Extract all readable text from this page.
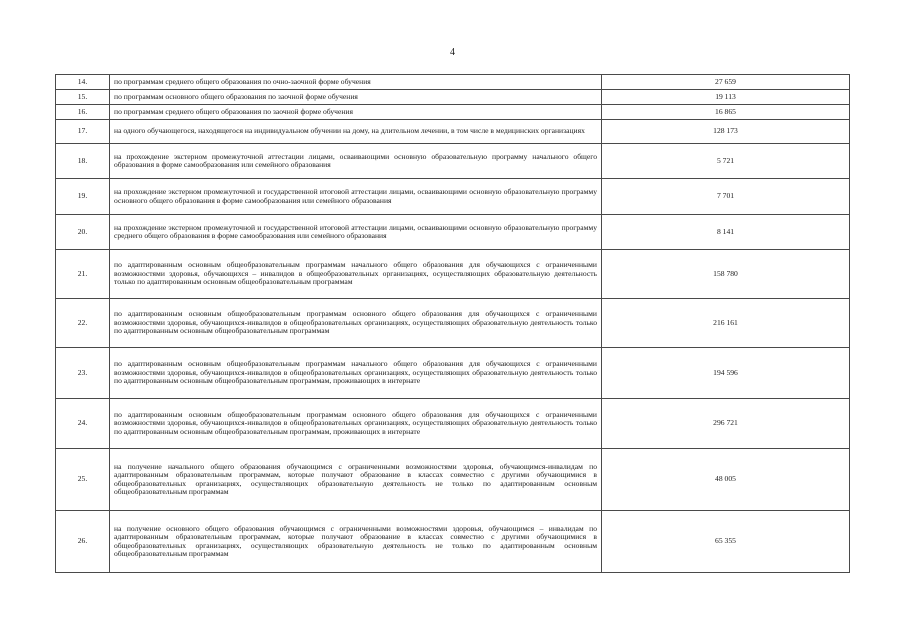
4
14.	по программам среднего общего образования по очно-заочной форме обучения	27 659
15.	по программам основного общего образования по заочной форме обучения	19 113
16.	по программам среднего общего образования по заочной форме обучения	16 865
17.	на одного обучающегося, находящегося на индивидуальном обучении на дому, на длительном лечении, в том числе в медицинских организациях	128 173
18.	на прохождение экстерном промежуточной аттестации лицами, осваивающими основную образовательную программу начального общего образования в форме самообразования или семейного образования	5 721
19.	на прохождение экстерном промежуточной и государственной итоговой аттестации лицами, осваивающими основную образовательную программу основного общего образования в форме самообразования или семейного образования	7 701
20.	на прохождение экстерном промежуточной и государственной итоговой аттестации лицами, осваивающими основную образовательную программу среднего общего образования в форме самообразования или семейного образования	8 141
21.	по адаптированным основным общеобразовательным программам начального общего образования для обучающихся с ограниченными возможностями здоровья, обучающихся – инвалидов в общеобразовательных организациях, осуществляющих образовательную деятельность только по адаптированным основным общеобразовательным программам	158 780
22.	по адаптированным основным общеобразовательным программам основного общего образования для обучающихся с ограниченными возможностями здоровья, обучающихся-инвалидов в общеобразовательных организациях, осуществляющих образовательную деятельность только по адаптированным основным общеобразовательным программам	216 161
23.	по адаптированным основным общеобразовательным программам начального общего образования для обучающихся с ограниченными возможностями здоровья, обучающихся-инвалидов в общеобразовательных организациях, осуществляющих образовательную деятельность только по адаптированным основным общеобразовательным программам, проживающих в интернате	194 596
24.	по адаптированным основным общеобразовательным программам основного общего образования для обучающихся с ограниченными возможностями здоровья, обучающихся-инвалидов в общеобразовательных организациях, осуществляющих образовательную деятельность только по адаптированным основным общеобразовательным программам, проживающих в интернате	296 721
25.	на получение начального общего образования обучающимся с ограниченными возможностями здоровья, обучающимся-инвалидам по адаптированным образовательным программам, которые получают образование в классах совместно с другими обучающимися в общеобразовательных организациях, осуществляющих образовательную деятельность не только по адаптированным основным общеобразовательным программам	48 005
26.	на получение основного общего образования обучающимся с ограниченными возможностями здоровья, обучающимся – инвалидам по адаптированным образовательным программам, которые получают образование в классах совместно с другими обучающимися в общеобразовательных организациях, осуществляющих образовательную деятельность не только по адаптированным основным общеобразовательным программам	65 355
